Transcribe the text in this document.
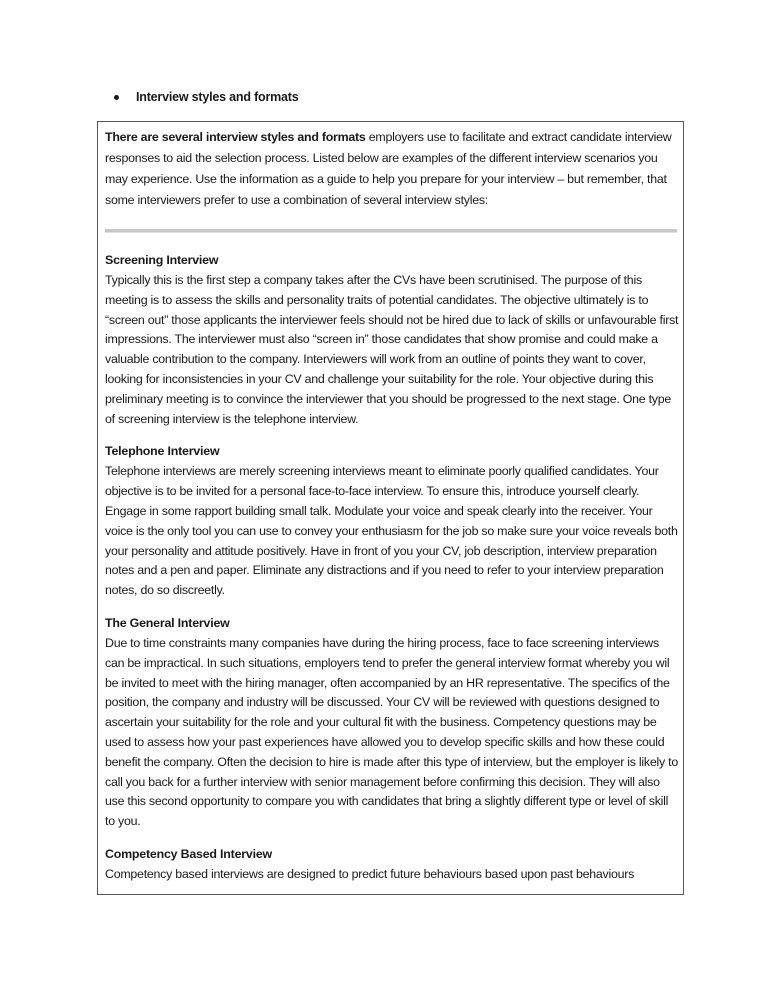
Interview styles and formats
There are several interview styles and formats employers use to facilitate and extract candidate interview responses to aid the selection process. Listed below are examples of the different interview scenarios you may experience. Use the information as a guide to help you prepare for your interview – but remember, that some interviewers prefer to use a combination of several interview styles:
Screening Interview
Typically this is the first step a company takes after the CVs have been scrutinised. The purpose of this meeting is to assess the skills and personality traits of potential candidates. The objective ultimately is to “screen out” those applicants the interviewer feels should not be hired due to lack of skills or unfavourable first impressions. The interviewer must also “screen in” those candidates that show promise and could make a valuable contribution to the company. Interviewers will work from an outline of points they want to cover, looking for inconsistencies in your CV and challenge your suitability for the role. Your objective during this preliminary meeting is to convince the interviewer that you should be progressed to the next stage. One type of screening interview is the telephone interview.
Telephone Interview
Telephone interviews are merely screening interviews meant to eliminate poorly qualified candidates. Your objective is to be invited for a personal face-to-face interview. To ensure this, introduce yourself clearly. Engage in some rapport building small talk. Modulate your voice and speak clearly into the receiver. Your voice is the only tool you can use to convey your enthusiasm for the job so make sure your voice reveals both your personality and attitude positively. Have in front of you your CV, job description, interview preparation notes and a pen and paper. Eliminate any distractions and if you need to refer to your interview preparation notes, do so discreetly.
The General Interview
Due to time constraints many companies have during the hiring process, face to face screening interviews can be impractical. In such situations, employers tend to prefer the general interview format whereby you wil be invited to meet with the hiring manager, often accompanied by an HR representative. The specifics of the position, the company and industry will be discussed. Your CV will be reviewed with questions designed to ascertain your suitability for the role and your cultural fit with the business. Competency questions may be used to assess how your past experiences have allowed you to develop specific skills and how these could benefit the company. Often the decision to hire is made after this type of interview, but the employer is likely to call you back for a further interview with senior management before confirming this decision. They will also use this second opportunity to compare you with candidates that bring a slightly different type or level of skill to you.
Competency Based Interview
Competency based interviews are designed to predict future behaviours based upon past behaviours
